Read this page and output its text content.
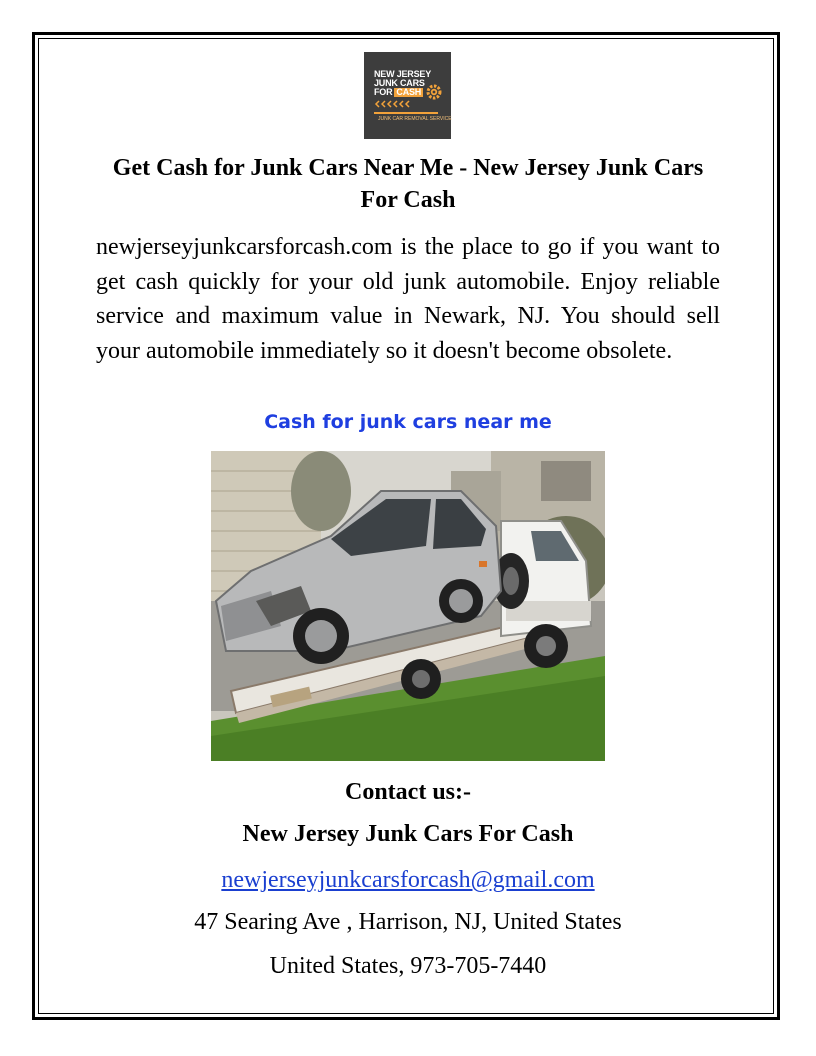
NEW JERSEY
JUNK CARS
FOR CASH
JUNK CAR REMOVAL SERVICE
Get Cash for Junk Cars Near Me - New Jersey Junk Cars For Cash
newjerseyjunkcarsforcash.com is the place to go if you want to get cash quickly for your old junk automobile. Enjoy reliable service and maximum value in Newark, NJ. You should sell your automobile immediately so it doesn't become obsolete.
Cash for junk cars near me
Contact us:-
New Jersey Junk Cars For Cash
newjerseyjunkcarsforcash@gmail.com
47 Searing Ave , Harrison, NJ, United States
United States, 973-705-7440
